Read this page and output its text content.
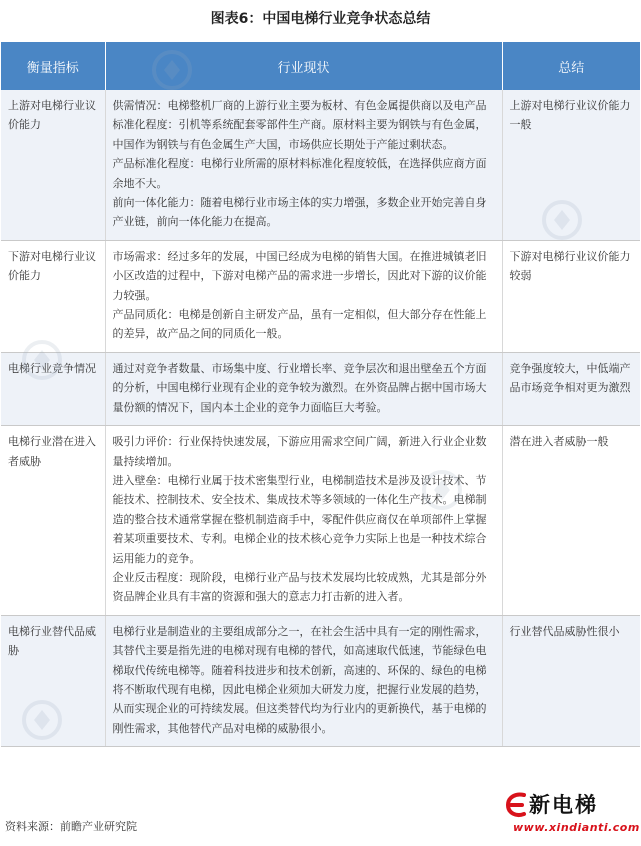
图表6：中国电梯行业竞争状态总结
衡量指标	行业现状	总结
上游对电梯行业议价能力	供需情况：电梯整机厂商的上游行业主要为板材、有色金属提供商以及电产品标准化程度：引机等系统配套零部件生产商。原材料主要为钢铁与有色金属，中国作为钢铁与有色金属生产大国，市场供应长期处于产能过剩状态。

产品标准化程度：电梯行业所需的原材料标准化程度较低，在选择供应商方面余地不大。

前向一体化能力：随着电梯行业市场主体的实力增强，多数企业开始完善自身产业链，前向一体化能力在提高。	上游对电梯行业议价能力一般
下游对电梯行业议价能力	市场需求：经过多年的发展，中国已经成为电梯的销售大国。在推进城镇老旧小区改造的过程中，下游对电梯产品的需求进一步增长，因此对下游的议价能力较强。

产品同质化：电梯是创新自主研发产品，虽有一定相似，但大部分存在性能上的差异，故产品之间的同质化一般。	下游对电梯行业议价能力较弱
电梯行业竞争情况	通过对竞争者数量、市场集中度、行业增长率、竞争层次和退出壁垒五个方面的分析，中国电梯行业现有企业的竞争较为激烈。在外资品牌占据中国市场大量份额的情况下，国内本土企业的竞争力面临巨大考验。	竞争强度较大，中低端产品市场竞争相对更为激烈
电梯行业潜在进入者威胁	吸引力评价：行业保持快速发展，下游应用需求空间广阔，新进入行业企业数量持续增加。

进入壁垒：电梯行业属于技术密集型行业，电梯制造技术是涉及设计技术、节能技术、控制技术、安全技术、集成技术等多领域的一体化生产技术。电梯制造的整合技术通常掌握在整机制造商手中，零配件供应商仅在单项部件上掌握着某项重要技术、专利。电梯企业的技术核心竞争力实际上也是一种技术综合运用能力的竞争。

企业反击程度：现阶段，电梯行业产品与技术发展均比较成熟，尤其是部分外资品牌企业具有丰富的资源和强大的意志力打击新的进入者。	潜在进入者威胁一般
电梯行业替代品威胁	电梯行业是制造业的主要组成部分之一，在社会生活中具有一定的刚性需求，其替代主要是指先进的电梯对现有电梯的替代，如高速取代低速，节能绿色电梯取代传统电梯等。随着科技进步和技术创新，高速的、环保的、绿色的电梯将不断取代现有电梯，因此电梯企业须加大研发力度，把握行业发展的趋势，从而实现企业的可持续发展。但这类替代均为行业内的更新换代，基于电梯的刚性需求，其他替代产品对电梯的威胁很小。	行业替代品威胁性很小
资料来源：前瞻产业研究院
新电梯
www.xindianti.com
